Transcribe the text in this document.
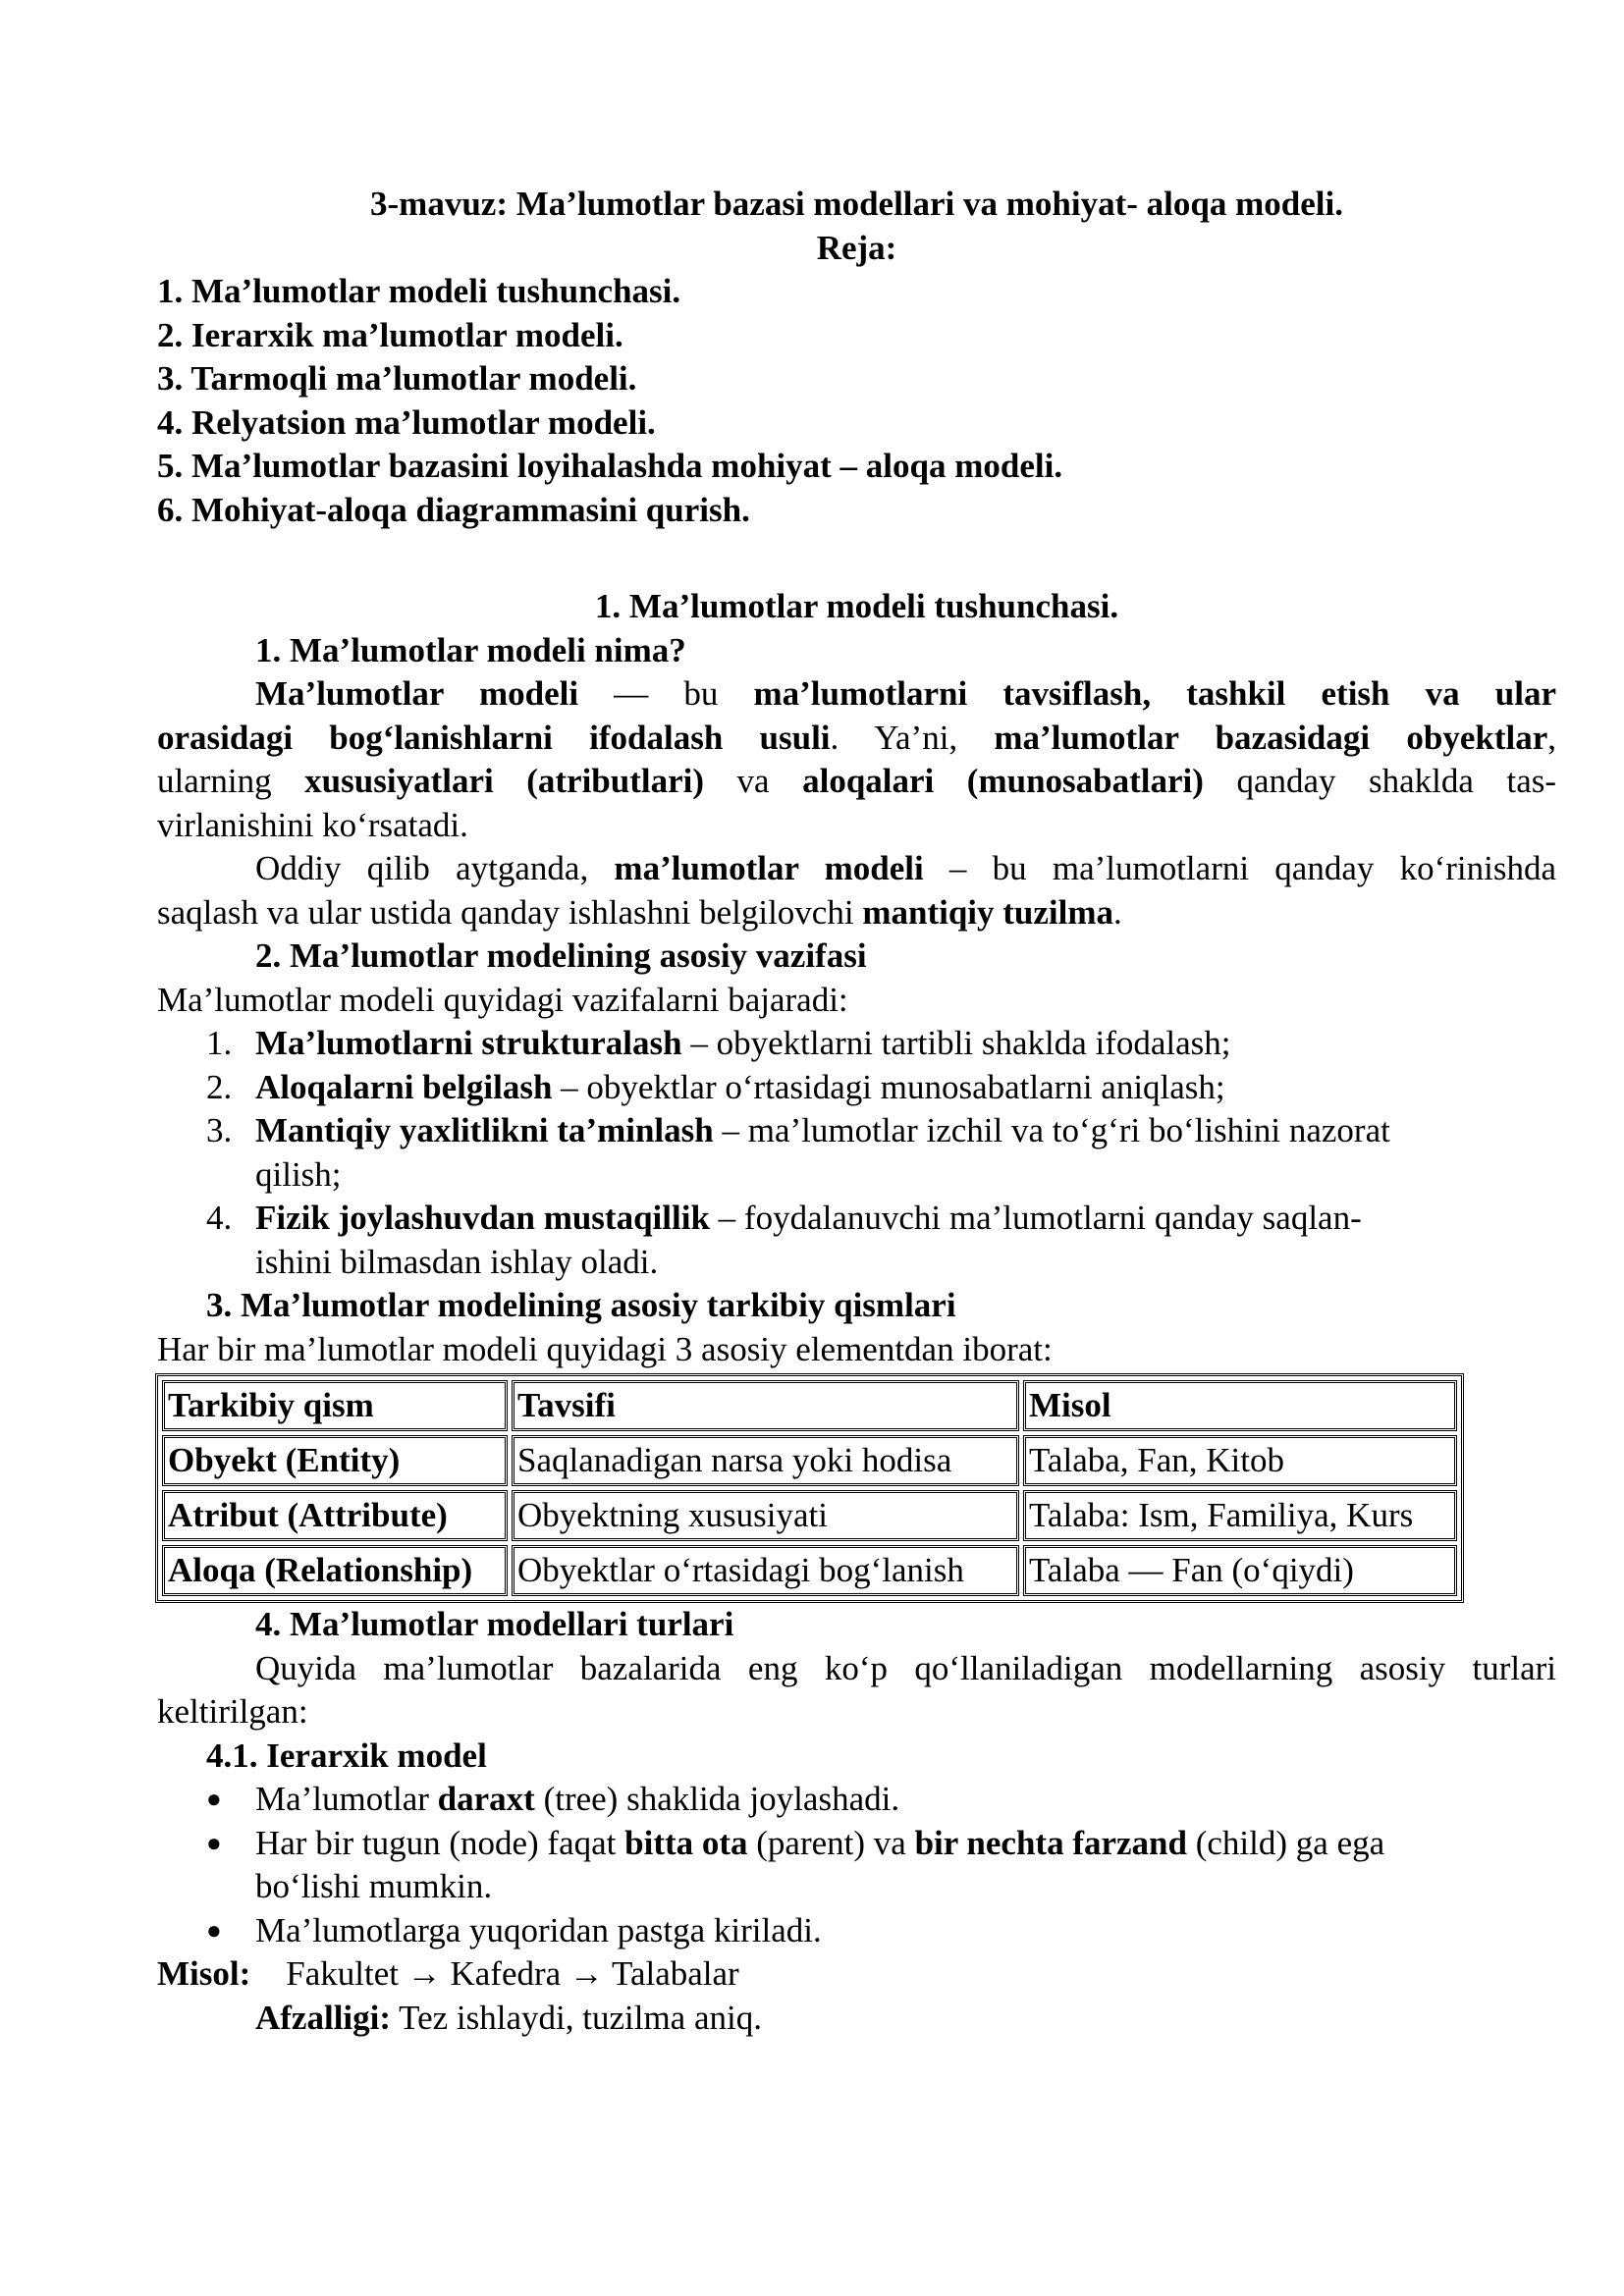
3-mavuz: Ma’lumotlar bazasi modellari va mohiyat- aloqa modeli.
Reja:
1. Ma’lumotlar modeli tushunchasi.
2. Ierarxik ma’lumotlar modeli.
3. Tarmoqli ma’lumotlar modeli.
4. Relyatsion ma’lumotlar modeli.
5. Ma’lumotlar bazasini loyihalashda mohiyat – aloqa modeli.
6. Mohiyat-aloqa diagrammasini qurish.
1. Ma’lumotlar modeli tushunchasi.
1. Ma’lumotlar modeli nima?
Ma’lumotlar modeli — bu ma’lumotlarni tavsiflash, tashkil etish va ular
orasidagi bog‘lanishlarni ifodalash usuli. Ya’ni, ma’lumotlar bazasidagi obyektlar,
ularning xususiyatlari (atributlari) va aloqalari (munosabatlari) qanday shaklda tas-
virlanishini ko‘rsatadi.
Oddiy qilib aytganda, ma’lumotlar modeli – bu ma’lumotlarni qanday ko‘rinishda
saqlash va ular ustida qanday ishlashni belgilovchi mantiqiy tuzilma.
2. Ma’lumotlar modelining asosiy vazifasi
Ma’lumotlar modeli quyidagi vazifalarni bajaradi:
1. Ma’lumotlarni strukturalash – obyektlarni tartibli shaklda ifodalash;
2. Aloqalarni belgilash – obyektlar o‘rtasidagi munosabatlarni aniqlash;
3. Mantiqiy yaxlitlikni ta’minlash – ma’lumotlar izchil va to‘g‘ri bo‘lishini nazorat
qilish;
4. Fizik joylashuvdan mustaqillik – foydalanuvchi ma’lumotlarni qanday saqlan-
ishini bilmasdan ishlay oladi.
3. Ma’lumotlar modelining asosiy tarkibiy qismlari
Har bir ma’lumotlar modeli quyidagi 3 asosiy elementdan iborat:
Tarkibiy qism	Tavsifi	Misol
Obyekt (Entity)	Saqlanadigan narsa yoki hodisa	Talaba, Fan, Kitob
Atribut (Attribute)	Obyektning xususiyati	Talaba: Ism, Familiya, Kurs
Aloqa (Relationship)	Obyektlar o‘rtasidagi bog‘lanish	Talaba — Fan (o‘qiydi)
4. Ma’lumotlar modellari turlari
Quyida ma’lumotlar bazalarida eng ko‘p qo‘llaniladigan modellarning asosiy turlari
keltirilgan:
4.1. Ierarxik model
● Ma’lumotlar daraxt (tree) shaklida joylashadi.
● Har bir tugun (node) faqat bitta ota (parent) va bir nechta farzand (child) ga ega
bo‘lishi mumkin.
● Ma’lumotlarga yuqoridan pastga kiriladi.
Misol: Fakultet → Kafedra → Talabalar
Afzalligi: Tez ishlaydi, tuzilma aniq.
